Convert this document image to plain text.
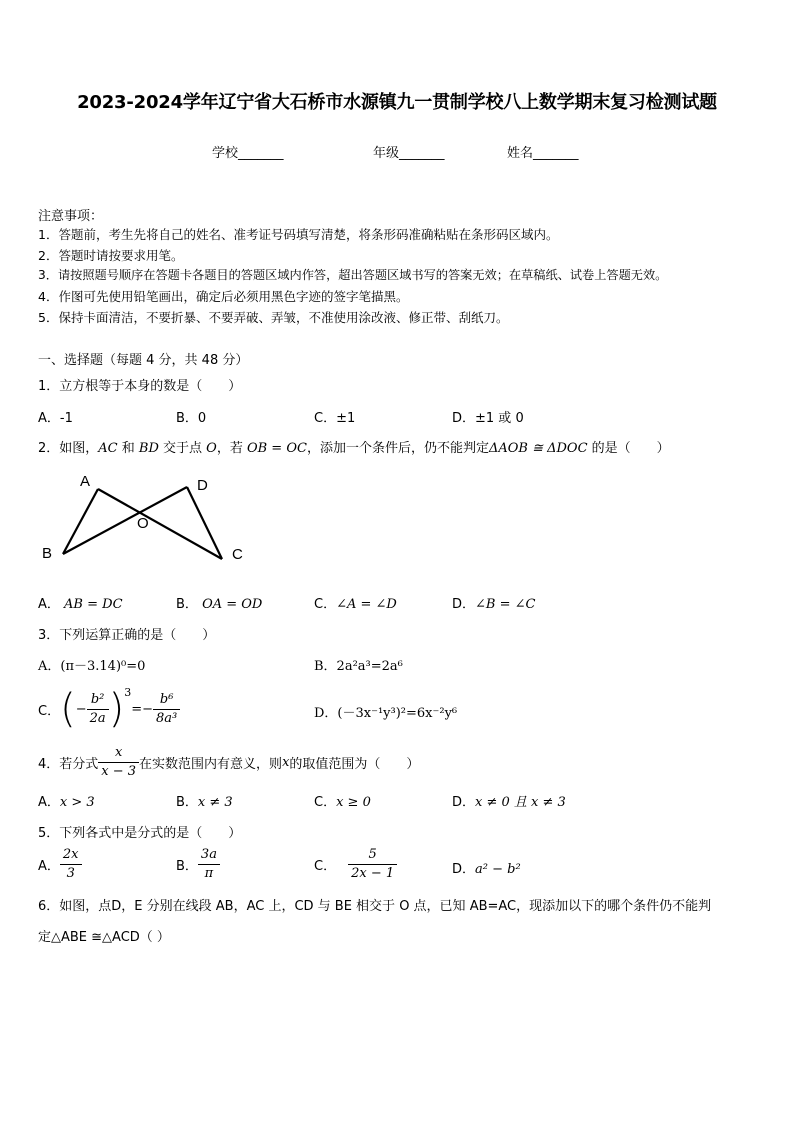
2023-2024学年辽宁省大石桥市水源镇九一贯制学校八上数学期末复习检测试题
学校_______	年级_______	姓名_______
注意事项：
1．答题前，考生先将自己的姓名、准考证号码填写清楚，将条形码准确粘贴在条形码区域内。
2．答题时请按要求用笔。
3．请按照题号顺序在答题卡各题目的答题区域内作答，超出答题区域书写的答案无效；在草稿纸、试卷上答题无效。
4．作图可先使用铅笔画出，确定后必须用黑色字迹的签字笔描黑。
5．保持卡面清洁，不要折暴、不要弄破、弄皱，不准使用涂改液、修正带、刮纸刀。
一、选择题（每题 4 分，共 48 分）
1．立方根等于本身的数是（　　）
A．-1	B．0	C．±1	D．±1 或 0
2．如图，AC 和 BD 交于点 O，若 OB = OC，添加一个条件后，仍不能判定ΔAOB ≅ ΔDOC 的是（　　）
A	D
O
B	C
A． AB = DC	B． OA = OD	C．∠A = ∠D	D．∠B = ∠C
3．下列运算正确的是（　　）
A．(π－3.14)⁰=0	B．2a²a³=2a⁶
C． ( − $\frac{\text{b²}}{2a}$ ) 3
=− $\frac{\text{b⁶}}{\text{8a³}}$	D．(－3x⁻¹y³)²=6x⁻²y⁶
4．若分式 $\frac{x}{x - 3}$ 在实数范围内有意义，则 x 的取值范围为（　　）
A．x > 3	B．x ≠ 3	C．x ≥ 0	D．x ≠ 0 且 x ≠ 3
5．下列各式中是分式的是（　　）
A． $\frac{2x}{3}$	B． $\frac{3a}{\pi}$	C． $\frac{5}{2x - 1}$	D．a² − b²
6．如图，点D，E 分别在线段 AB，AC 上，CD 与 BE 相交于 O 点，已知 AB=AC，现添加以下的哪个条件仍不能判
定△ABE ≅△ACD（ ）
